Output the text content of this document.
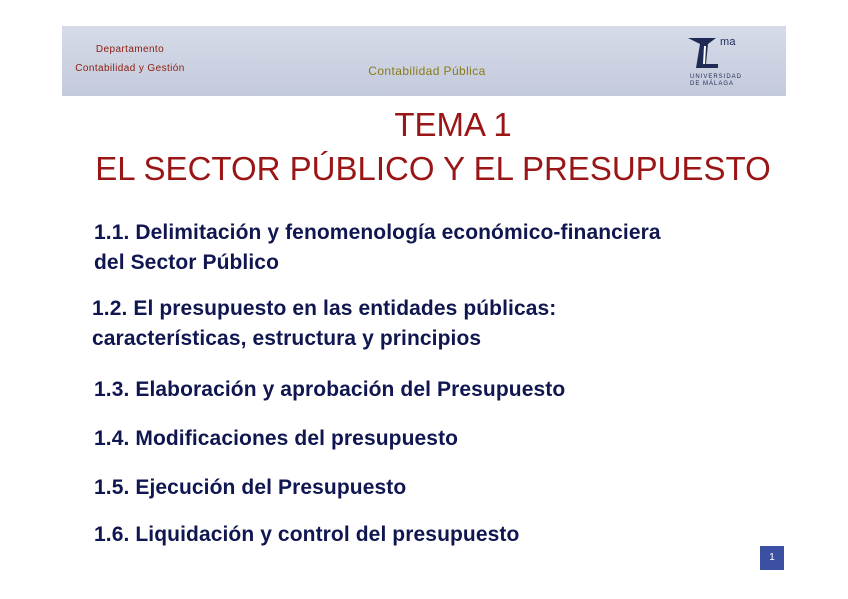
Departamento
Contabilidad y Gestión	Contabilidad Pública
ma
UNIVERSIDAD
DE MÁLAGA
TEMA 1
EL SECTOR PÚBLICO Y EL PRESUPUESTO
1.1. Delimitación y fenomenología económico-financiera
del Sector Público
1.2. El presupuesto en las entidades públicas:
características, estructura y principios
1.3. Elaboración y aprobación del Presupuesto
1.4. Modificaciones del presupuesto
1.5. Ejecución del Presupuesto
1.6. Liquidación y control del presupuesto
1
